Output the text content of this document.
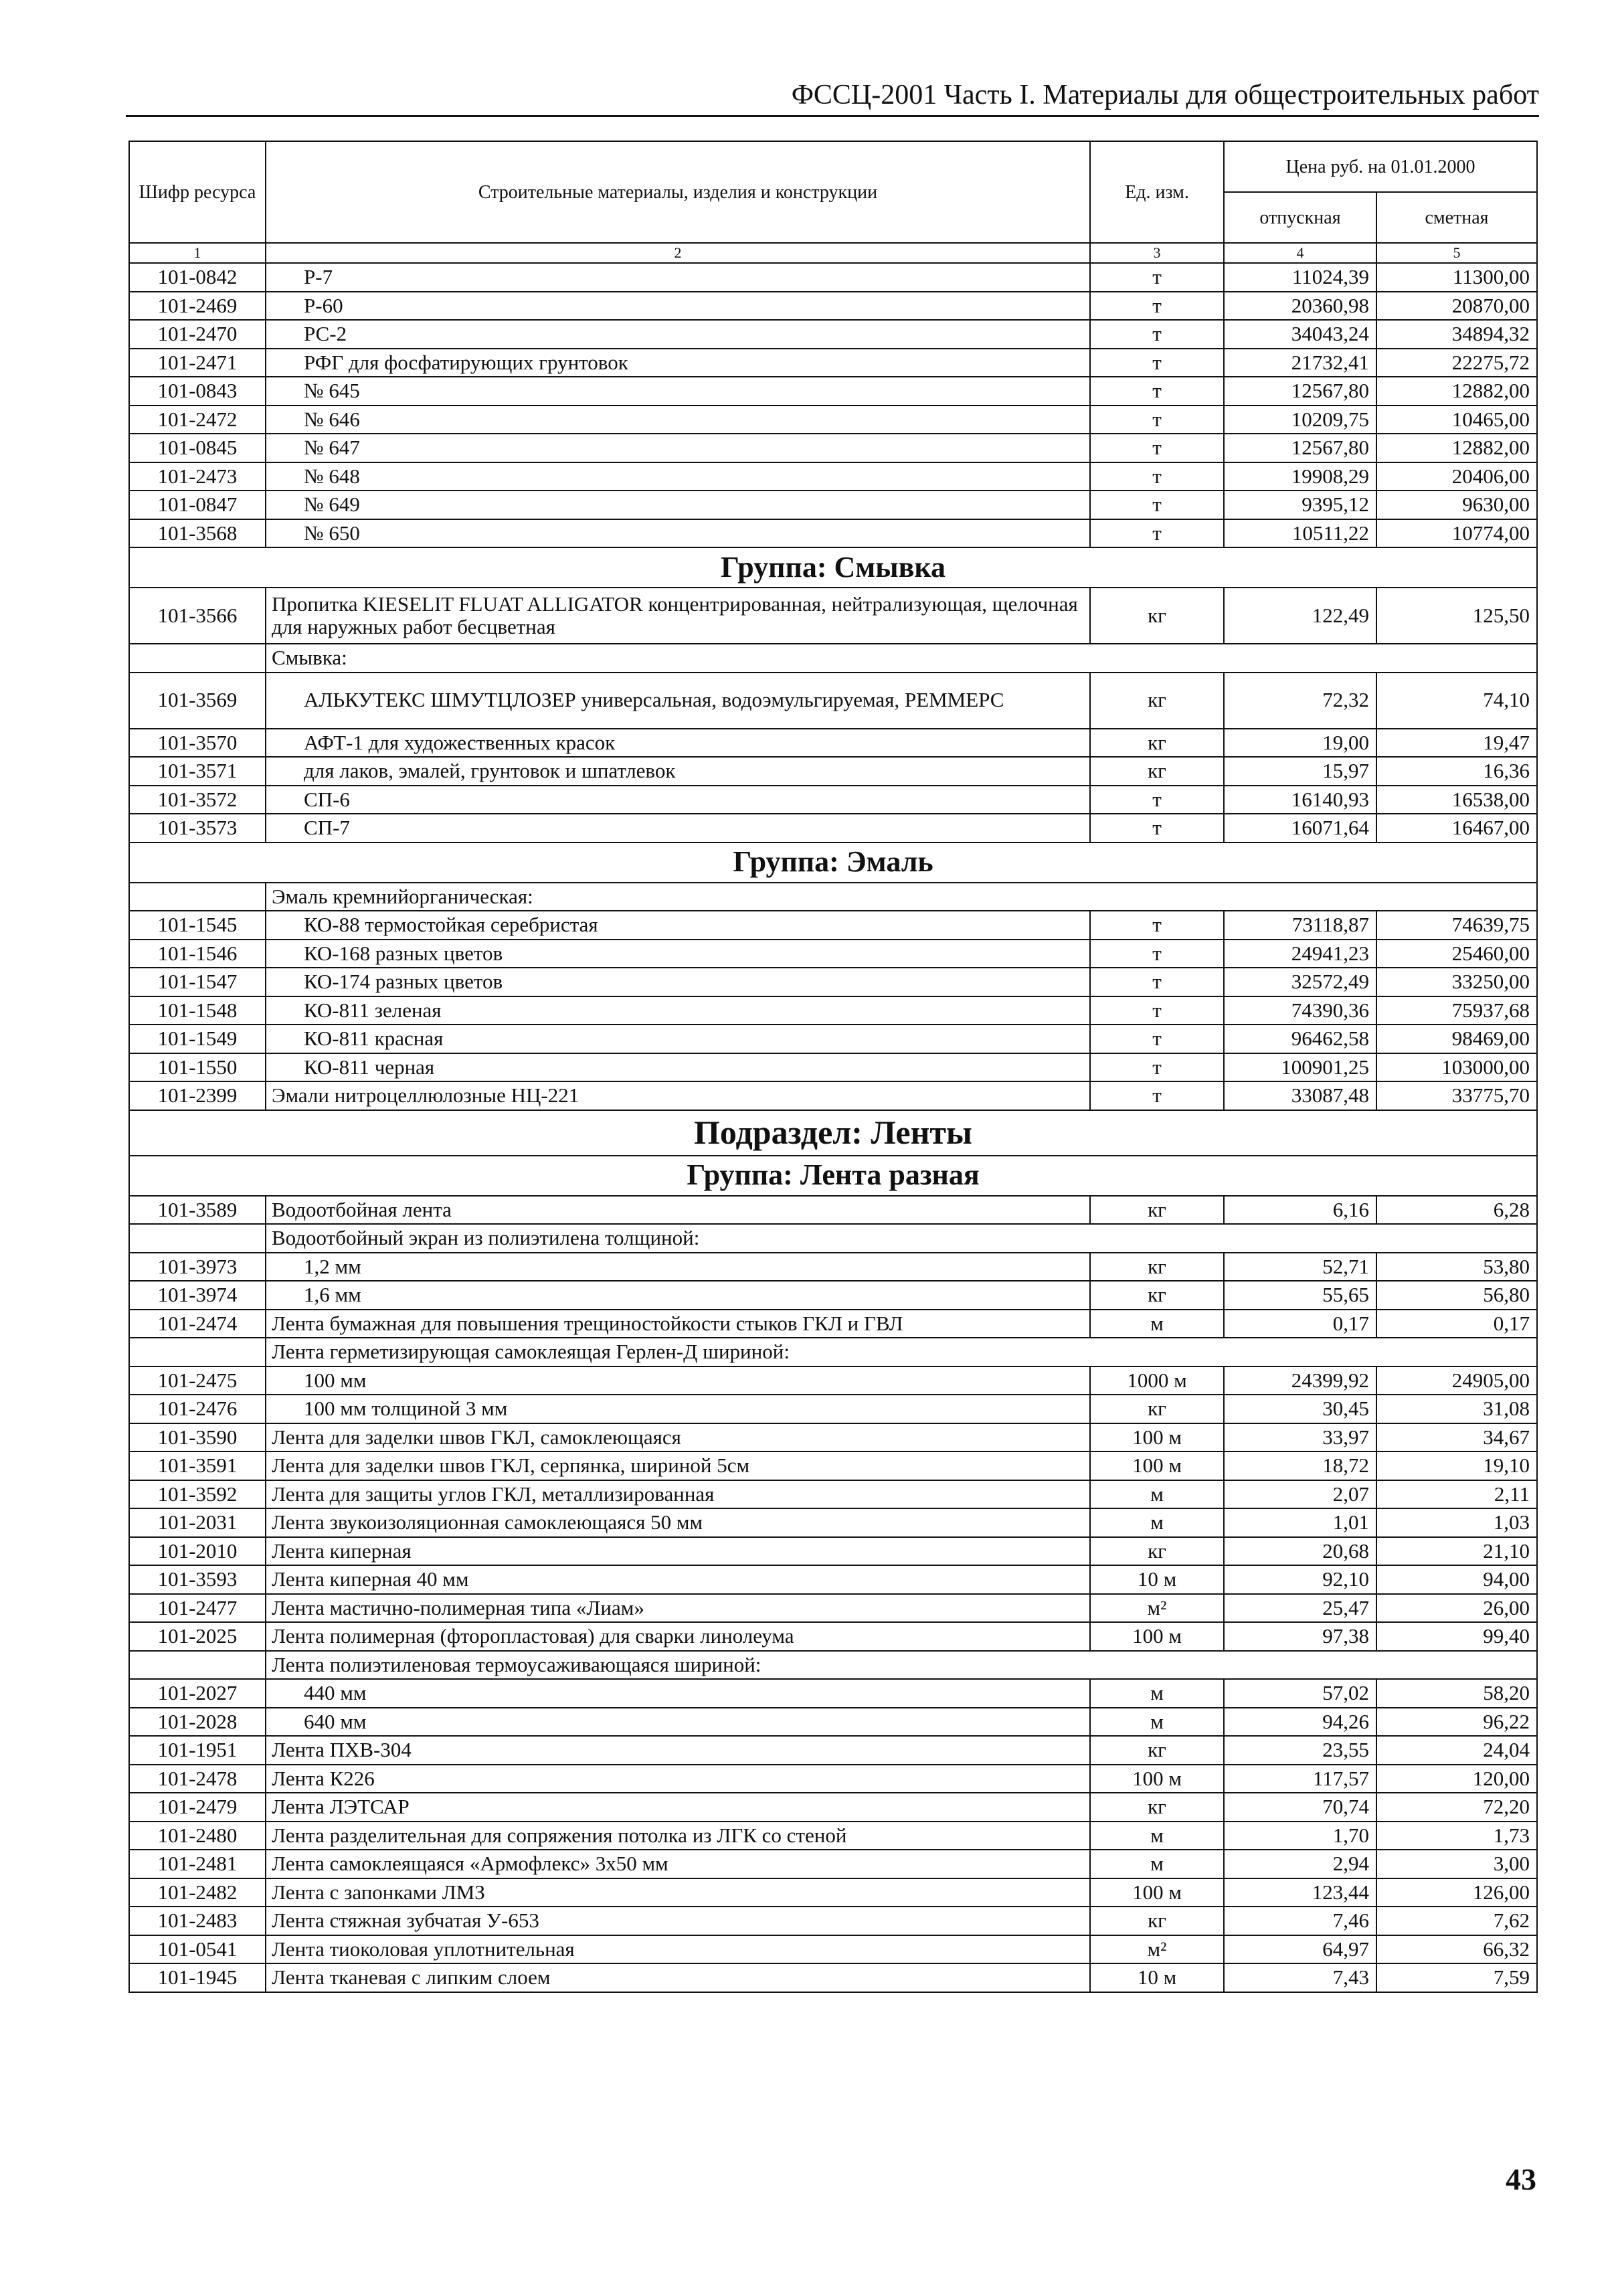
ФССЦ-2001 Часть I. Материалы для общестроительных работ
Шифр ресурса	Строительные материалы, изделия и конструкции	Ед. изм.	Цена руб. на 01.01.2000	
			отпускная	сметная
1	2	3	4	5
101-0842	Р-7	т	11024,39	11300,00
101-2469	Р-60	т	20360,98	20870,00
101-2470	РС-2	т	34043,24	34894,32
101-2471	РФГ для фосфатирующих грунтовок	т	21732,41	22275,72
101-0843	№ 645	т	12567,80	12882,00
101-2472	№ 646	т	10209,75	10465,00
101-0845	№ 647	т	12567,80	12882,00
101-2473	№ 648	т	19908,29	20406,00
101-0847	№ 649	т	9395,12	9630,00
101-3568	№ 650	т	10511,22	10774,00
Группа: Смывка				
101-3566	Пропитка KIESELIT FLUAT ALLIGATOR концентрированная, нейтрализующая, щелочная для наружных работ бесцветная	кг	122,49	125,50
	Смывка:			
101-3569	АЛЬКУТЕКС ШМУТЦЛОЗЕР универсальная, водоэмульгируемая, РЕММЕРС	кг	72,32	74,10
101-3570	АФТ-1 для художественных красок	кг	19,00	19,47
101-3571	для лаков, эмалей, грунтовок и шпатлевок	кг	15,97	16,36
101-3572	СП-6	т	16140,93	16538,00
101-3573	СП-7	т	16071,64	16467,00
Группа: Эмаль				
	Эмаль кремнийорганическая:			
101-1545	КО-88 термостойкая серебристая	т	73118,87	74639,75
101-1546	КО-168 разных цветов	т	24941,23	25460,00
101-1547	КО-174 разных цветов	т	32572,49	33250,00
101-1548	КО-811 зеленая	т	74390,36	75937,68
101-1549	КО-811 красная	т	96462,58	98469,00
101-1550	КО-811 черная	т	100901,25	103000,00
101-2399	Эмали нитроцеллюлозные НЦ-221	т	33087,48	33775,70
Подраздел: Ленты				
Группа: Лента разная				
101-3589	Водоотбойная лента	кг	6,16	6,28
	Водоотбойный экран из полиэтилена толщиной:			
101-3973	1,2 мм	кг	52,71	53,80
101-3974	1,6 мм	кг	55,65	56,80
101-2474	Лента бумажная для повышения трещиностойкости стыков ГКЛ и ГВЛ	м	0,17	0,17
	Лента герметизирующая самоклеящая Герлен-Д шириной:			
101-2475	100 мм	1000 м	24399,92	24905,00
101-2476	100 мм толщиной 3 мм	кг	30,45	31,08
101-3590	Лента для заделки швов ГКЛ, самоклеющаяся	100 м	33,97	34,67
101-3591	Лента для заделки швов ГКЛ, серпянка, шириной 5см	100 м	18,72	19,10
101-3592	Лента для защиты углов ГКЛ, металлизированная	м	2,07	2,11
101-2031	Лента звукоизоляционная самоклеющаяся 50 мм	м	1,01	1,03
101-2010	Лента киперная	кг	20,68	21,10
101-3593	Лента киперная 40 мм	10 м	92,10	94,00
101-2477	Лента мастично-полимерная типа «Лиам»	м²	25,47	26,00
101-2025	Лента полимерная (фторопластовая) для сварки линолеума	100 м	97,38	99,40
	Лента полиэтиленовая термоусаживающаяся шириной:			
101-2027	440 мм	м	57,02	58,20
101-2028	640 мм	м	94,26	96,22
101-1951	Лента ПХВ-304	кг	23,55	24,04
101-2478	Лента К226	100 м	117,57	120,00
101-2479	Лента ЛЭТСАР	кг	70,74	72,20
101-2480	Лента разделительная для сопряжения потолка из ЛГК со стеной	м	1,70	1,73
101-2481	Лента самоклеящаяся «Армофлекс» 3х50 мм	м	2,94	3,00
101-2482	Лента с запонками ЛМЗ	100 м	123,44	126,00
101-2483	Лента стяжная зубчатая У-653	кг	7,46	7,62
101-0541	Лента тиоколовая уплотнительная	м²	64,97	66,32
101-1945	Лента тканевая с липким слоем	10 м	7,43	7,59
43
